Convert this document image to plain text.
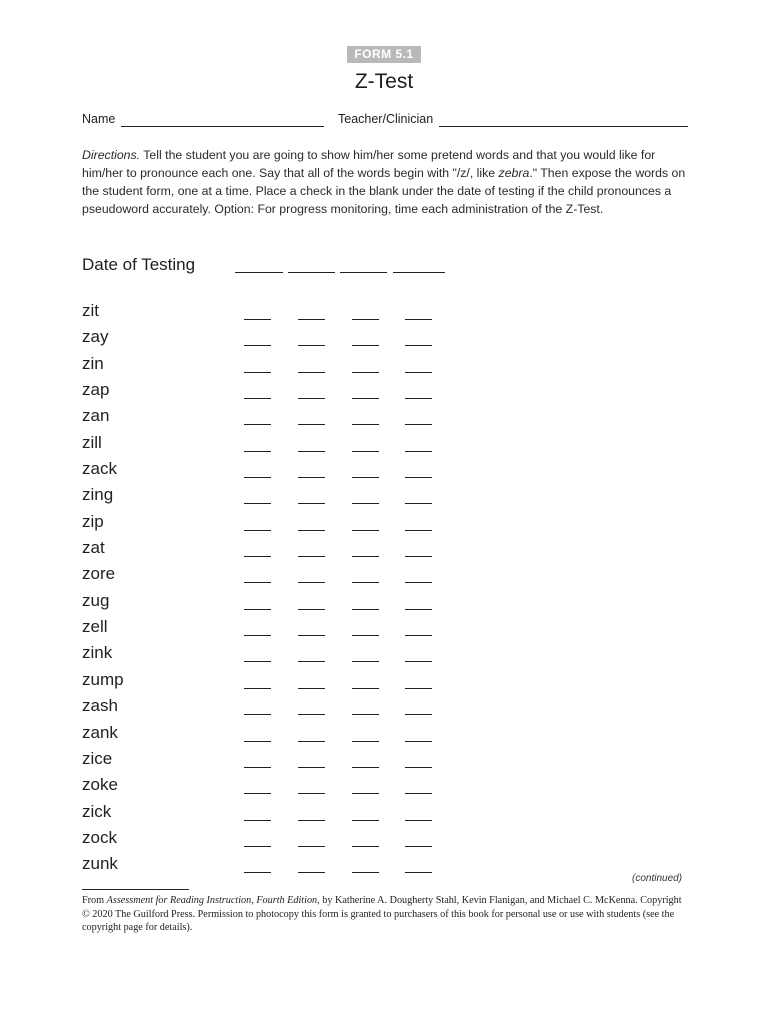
FORM 5.1
Z-Test
Name	Teacher/Clinician
Directions. Tell the student you are going to show him/her some pretend words and that you would like for him/her to pronounce each one. Say that all of the words begin with "/z/, like zebra." Then expose the words on the student form, one at a time. Place a check in the blank under the date of testing if the child pronounces a pseudoword accurately. Option: For progress monitoring, time each administration of the Z-Test.
Date of Testing
zit
zay
zin
zap
zan
zill
zack
zing
zip
zat
zore
zug
zell
zink
zump
zash
zank
zice
zoke
zick
zock
zunk
(continued)
From Assessment for Reading Instruction, Fourth Edition, by Katherine A. Dougherty Stahl, Kevin Flanigan, and Michael C. McKenna. Copyright © 2020 The Guilford Press. Permission to photocopy this form is granted to purchasers of this book for personal use or use with students (see the copyright page for details).
